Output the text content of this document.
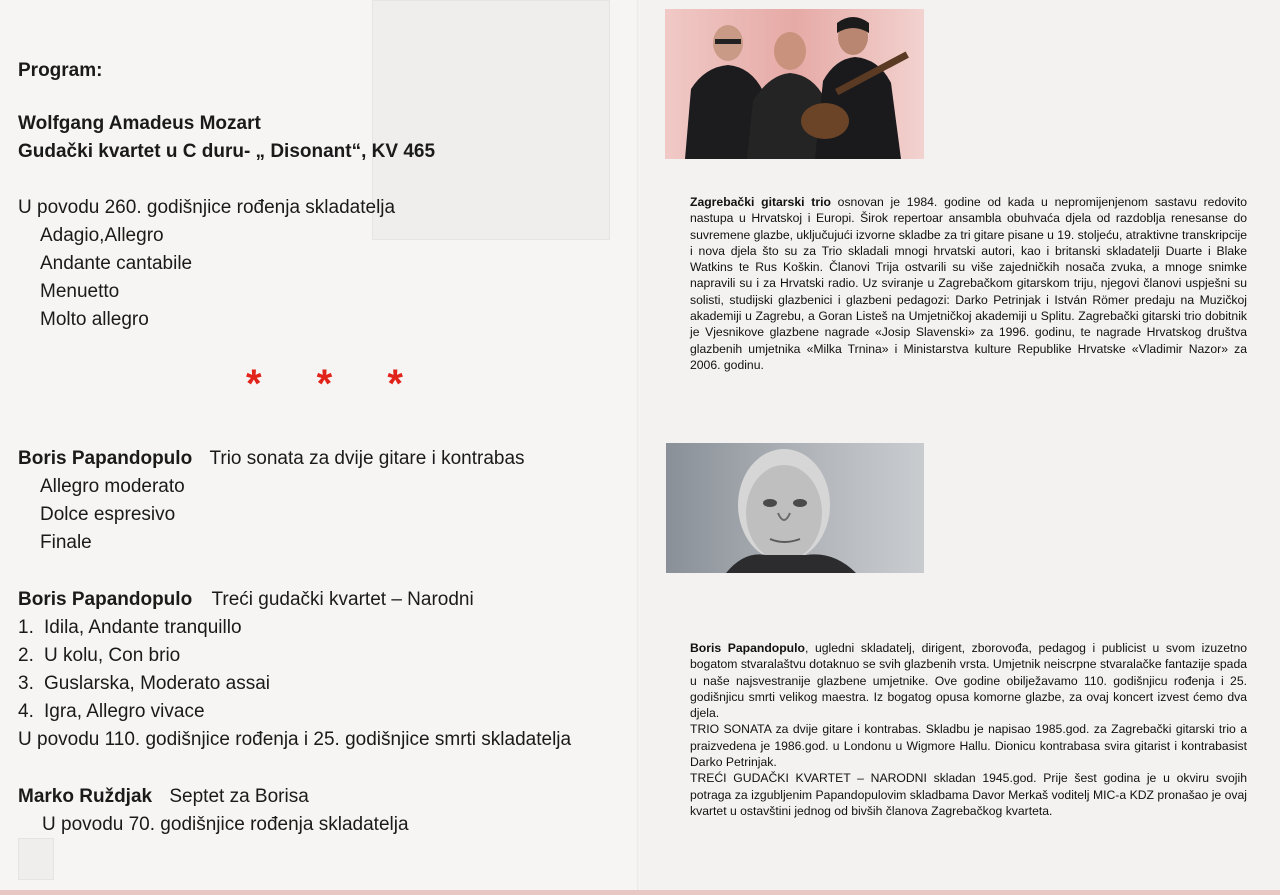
Program:
Wolfgang Amadeus Mozart
Gudački kvartet u C duru- „ Disonant“, KV 465
U povodu 260. godišnjice rođenja skladatelja
Adagio,Allegro
Andante cantabile
Menuetto
Molto allegro
* * *
Boris Papandopulo Trio sonata za dvije gitare i kontrabas
Allegro moderato
Dolce espresivo
Finale
Boris Papandopulo Treći gudački kvartet – Narodni
1. Idila, Andante tranquillo
2. U kolu, Con brio
3. Guslarska, Moderato assai
4. Igra, Allegro vivace
U povodu 110. godišnjice rođenja i 25. godišnjice smrti skladatelja
Marko Ruždjak Septet za Borisa
U povodu 70. godišnjice rođenja skladatelja
Zagrebački gitarski trio osnovan je 1984. godine od kada u nepromijenjenom sastavu redovito nastupa u Hrvatskoj i Europi. Širok repertoar ansambla obuhvaća djela od razdoblja renesanse do suvremene glazbe, uključujući izvorne skladbe za tri gitare pisane u 19. stoljeću, atraktivne transkripcije i nova djela što su za Trio skladali mnogi hrvatski autori, kao i britanski skladatelji Duarte i Blake Watkins te Rus Koškin. Članovi Trija ostvarili su više zajedničkih nosača zvuka, a mnoge snimke napravili su i za Hrvatski radio. Uz sviranje u Zagrebačkom gitarskom triju, njegovi članovi uspješni su solisti, studijski glazbenici i glazbeni pedagozi: Darko Petrinjak i István Römer predaju na Muzičkoj akademiji u Zagrebu, a Goran Listeš na Umjetničkoj akademiji u Splitu. Zagrebački gitarski trio dobitnik je Vjesnikove glazbene nagrade «Josip Slavenski» za 1996. godinu, te nagrade Hrvatskog društva glazbenih umjetnika «Milka Trnina» i Ministarstva kulture Republike Hrvatske «Vladimir Nazor» za 2006. godinu.
Boris Papandopulo, ugledni skladatelj, dirigent, zborovođa, pedagog i publicist u svom izuzetno bogatom stvaralaštvu dotaknuo se svih glazbenih vrsta. Umjetnik neiscrpne stvaralačke fantazije spada u naše najsvestranije glazbene umjetnike. Ove godine obilježavamo 110. godišnjicu rođenja i 25. godišnjicu smrti velikog maestra. Iz bogatog opusa komorne glazbe, za ovaj koncert izvest ćemo dva djela.
TRIO SONATA za dvije gitare i kontrabas. Skladbu je napisao 1985.god. za Zagrebački gitarski trio a praizvedena je 1986.god. u Londonu u Wigmore Hallu. Dionicu kontrabasa svira gitarist i kontrabasist Darko Petrinjak.
TREĆI GUDAČKI KVARTET – NARODNI skladan 1945.god. Prije šest godina je u okviru svojih potraga za izgubljenim Papandopulovim skladbama Davor Merkaš voditelj MIC-a KDZ pronašao je ovaj kvartet u ostavštini jednog od bivših članova Zagrebačkog kvarteta.
